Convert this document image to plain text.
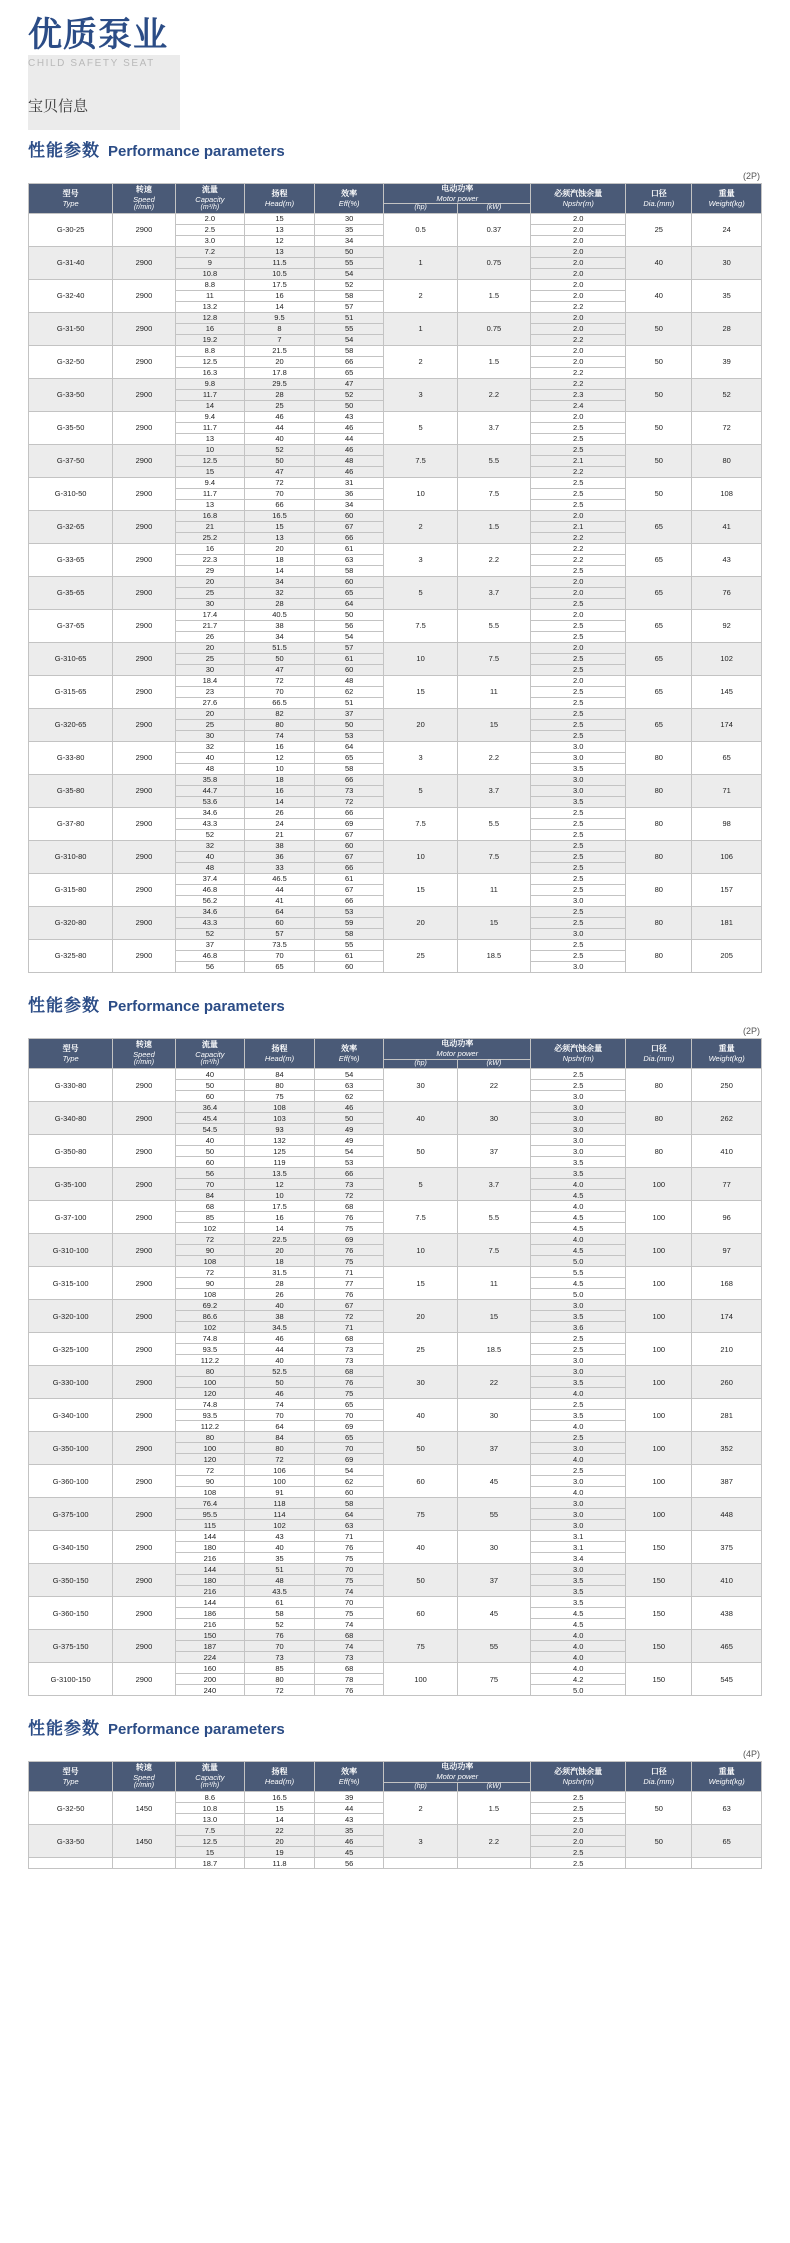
优质泵业
CHILD SAFETY SEAT
宝贝信息
性能参数 Performance parameters
(2P)
型号
Type	转速
Speed
(r/min)	流量
Capacity
(m³/h)	扬程
Head(m)	效率
Eff(%)	电动功率
Motor power		必须汽蚀余量
Npshr(m)	口径
Dia.(mm)	重量
Weight(kg)

					(hp)	(kW)			

G-30-25	2900	2.0	15	30	0.5	0.37	2.0	25	24
		2.5	13	35			2.0		
		3.0	12	34			2.0		
G-31-40	2900	7.2	13	50	1	0.75	2.0	40	30
		9	11.5	55			2.0		
		10.8	10.5	54			2.0		
G-32-40	2900	8.8	17.5	52	2	1.5	2.0	40	35
		11	16	58			2.0		
		13.2	14	57			2.2		
G-31-50	2900	12.8	9.5	51	1	0.75	2.0	50	28
		16	8	55			2.0		
		19.2	7	54			2.2		
G-32-50	2900	8.8	21.5	58	2	1.5	2.0	50	39
		12.5	20	66			2.0		
		16.3	17.8	65			2.2		
G-33-50	2900	9.8	29.5	47	3	2.2	2.2	50	52
		11.7	28	52			2.3		
		14	25	50			2.4		
G-35-50	2900	9.4	46	43	5	3.7	2.0	50	72
		11.7	44	46			2.5		
		13	40	44			2.5		
G-37-50	2900	10	52	46	7.5	5.5	2.5	50	80
		12.5	50	48			2.1		
		15	47	46			2.2		
G-310-50	2900	9.4	72	31	10	7.5	2.5	50	108
		11.7	70	36			2.5		
		13	66	34			2.5		
G-32-65	2900	16.8	16.5	60	2	1.5	2.0	65	41
		21	15	67			2.1		
		25.2	13	66			2.2		
G-33-65	2900	16	20	61	3	2.2	2.2	65	43
		22.3	18	63			2.2		
		29	14	58			2.5		
G-35-65	2900	20	34	60	5	3.7	2.0	65	76
		25	32	65			2.0		
		30	28	64			2.5		
G-37-65	2900	17.4	40.5	50	7.5	5.5	2.0	65	92
		21.7	38	56			2.5		
		26	34	54			2.5		
G-310-65	2900	20	51.5	57	10	7.5	2.0	65	102
		25	50	61			2.5		
		30	47	60			2.5		
G-315-65	2900	18.4	72	48	15	11	2.0	65	145
		23	70	62			2.5		
		27.6	66.5	51			2.5		
G-320-65	2900	20	82	37	20	15	2.5	65	174
		25	80	50			2.5		
		30	74	53			2.5		
G-33-80	2900	32	16	64	3	2.2	3.0	80	65
		40	12	65			3.0		
		48	10	58			3.5		
G-35-80	2900	35.8	18	66	5	3.7	3.0	80	71
		44.7	16	73			3.0		
		53.6	14	72			3.5		
G-37-80	2900	34.6	26	66	7.5	5.5	2.5	80	98
		43.3	24	69			2.5		
		52	21	67			2.5		
G-310-80	2900	32	38	60	10	7.5	2.5	80	106
		40	36	67			2.5		
		48	33	66			2.5		
G-315-80	2900	37.4	46.5	61	15	11	2.5	80	157
		46.8	44	67			2.5		
		56.2	41	66			3.0		
G-320-80	2900	34.6	64	53	20	15	2.5	80	181
		43.3	60	59			2.5		
		52	57	58			3.0		
G-325-80	2900	37	73.5	55	25	18.5	2.5	80	205
		46.8	70	61			2.5		
		56	65	60			3.0		
性能参数 Performance parameters
(2P)
型号
Type	转速
Speed
(r/min)	流量
Capacity
(m³/h)	扬程
Head(m)	效率
Eff(%)	电动功率
Motor power		必须汽蚀余量
Npshr(m)	口径
Dia.(mm)	重量
Weight(kg)

					(hp)	(kW)			

G-330-80	2900	40	84	54	30	22	2.5	80	250
		50	80	63			2.5		
		60	75	62			3.0		
G-340-80	2900	36.4	108	46	40	30	3.0	80	262
		45.4	103	50			3.0		
		54.5	93	49			3.0		
G-350-80	2900	40	132	49	50	37	3.0	80	410
		50	125	54			3.0		
		60	119	53			3.5		
G-35-100	2900	56	13.5	66	5	3.7	3.5	100	77
		70	12	73			4.0		
		84	10	72			4.5		
G-37-100	2900	68	17.5	68	7.5	5.5	4.0	100	96
		85	16	76			4.5		
		102	14	75			4.5		
G-310-100	2900	72	22.5	69	10	7.5	4.0	100	97
		90	20	76			4.5		
		108	18	75			5.0		
G-315-100	2900	72	31.5	71	15	11	5.5	100	168
		90	28	77			4.5		
		108	26	76			5.0		
G-320-100	2900	69.2	40	67	20	15	3.0	100	174
		86.6	38	72			3.5		
		102	34.5	71			3.6		
G-325-100	2900	74.8	46	68	25	18.5	2.5	100	210
		93.5	44	73			2.5		
		112.2	40	73			3.0		
G-330-100	2900	80	52.5	68	30	22	3.0	100	260
		100	50	76			3.5		
		120	46	75			4.0		
G-340-100	2900	74.8	74	65	40	30	2.5	100	281
		93.5	70	70			3.5		
		112.2	64	69			4.0		
G-350-100	2900	80	84	65	50	37	2.5	100	352
		100	80	70			3.0		
		120	72	69			4.0		
G-360-100	2900	72	106	54	60	45	2.5	100	387
		90	100	62			3.0		
		108	91	60			4.0		
G-375-100	2900	76.4	118	58	75	55	3.0	100	448
		95.5	114	64			3.0		
		115	102	63			3.0		
G-340-150	2900	144	43	71	40	30	3.1	150	375
		180	40	76			3.1		
		216	35	75			3.4		
G-350-150	2900	144	51	70	50	37	3.0	150	410
		180	48	75			3.5		
		216	43.5	74			3.5		
G-360-150	2900	144	61	70	60	45	3.5	150	438
		186	58	75			4.5		
		216	52	74			4.5		
G-375-150	2900	150	76	68	75	55	4.0	150	465
		187	70	74			4.0		
		224	73	73			4.0		
G-3100-150	2900	160	85	68	100	75	4.0	150	545
		200	80	78			4.2		
		240	72	76			5.0		
性能参数 Performance parameters
(4P)
型号
Type	转速
Speed
(r/min)	流量
Capacity
(m³/h)	扬程
Head(m)	效率
Eff(%)	电动功率
Motor power		必须汽蚀余量
Npshr(m)	口径
Dia.(mm)	重量
Weight(kg)

					(hp)	(kW)			

G-32-50	1450	8.6	16.5	39	2	1.5	2.5	50	63
		10.8	15	44			2.5		
		13.0	14	43			2.5		
G-33-50	1450	7.5	22	35	3	2.2	2.0	50	65
		12.5	20	46			2.0		
		15	19	45			2.5		
		18.7	11.8	56			2.5		
